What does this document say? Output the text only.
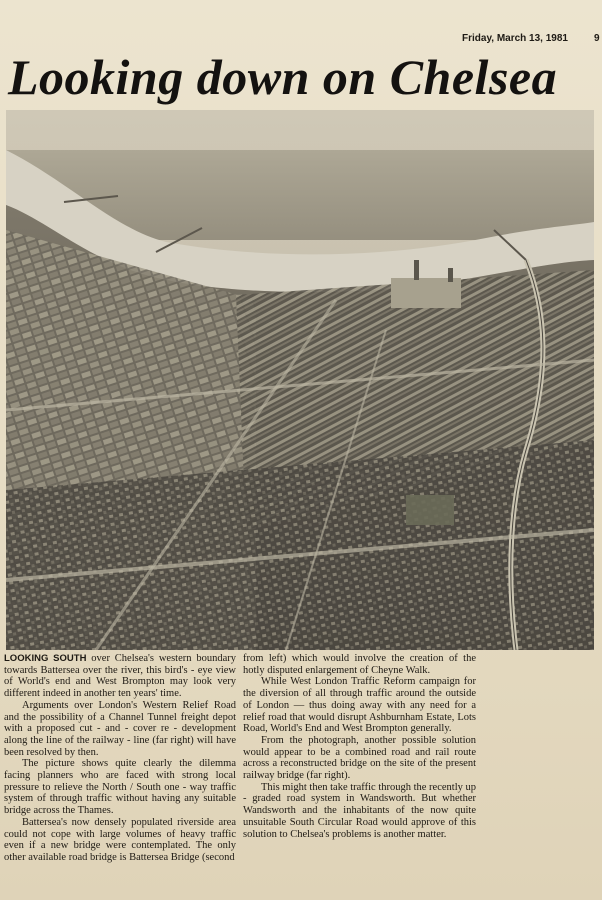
Friday, March 13, 1981	9
Looking down on Chelsea

LOOKING SOUTH over Chelsea's western boundary towards Battersea over the river, this bird's - eye view of World's end and West Brompton may look very different indeed in another ten years' time.

Arguments over London's Western Relief Road and the possibility of a Channel Tunnel freight depot with a proposed cut - and - cover re - development along the line of the railway - line (far right) will have been resolved by then.

The picture shows quite clearly the dilemma facing planners who are faced with strong local pressure to relieve the North / South one - way traffic system of through traffic without having any suitable bridge across the Thames.

Battersea's now densely populated riverside area could not cope with large volumes of heavy traffic even if a new bridge were contemplated. The only other available road bridge is Battersea Bridge (second

from left) which would involve the creation of the hotly disputed enlargement of Cheyne Walk.

While West London Traffic Reform campaign for the diversion of all through traffic around the outside of London — thus doing away with any need for a relief road that would disrupt Ashburnham Estate, Lots Road, World's End and West Brompton generally.

From the photograph, another possible solution would appear to be a combined road and rail route across a reconstructed bridge on the site of the present railway bridge (far right).

This might then take traffic through the recently up - graded road system in Wandsworth. But whether Wandsworth and the inhabitants of the now quite unsuitable South Circular Road would approve of this solution to Chelsea's problems is another matter.
